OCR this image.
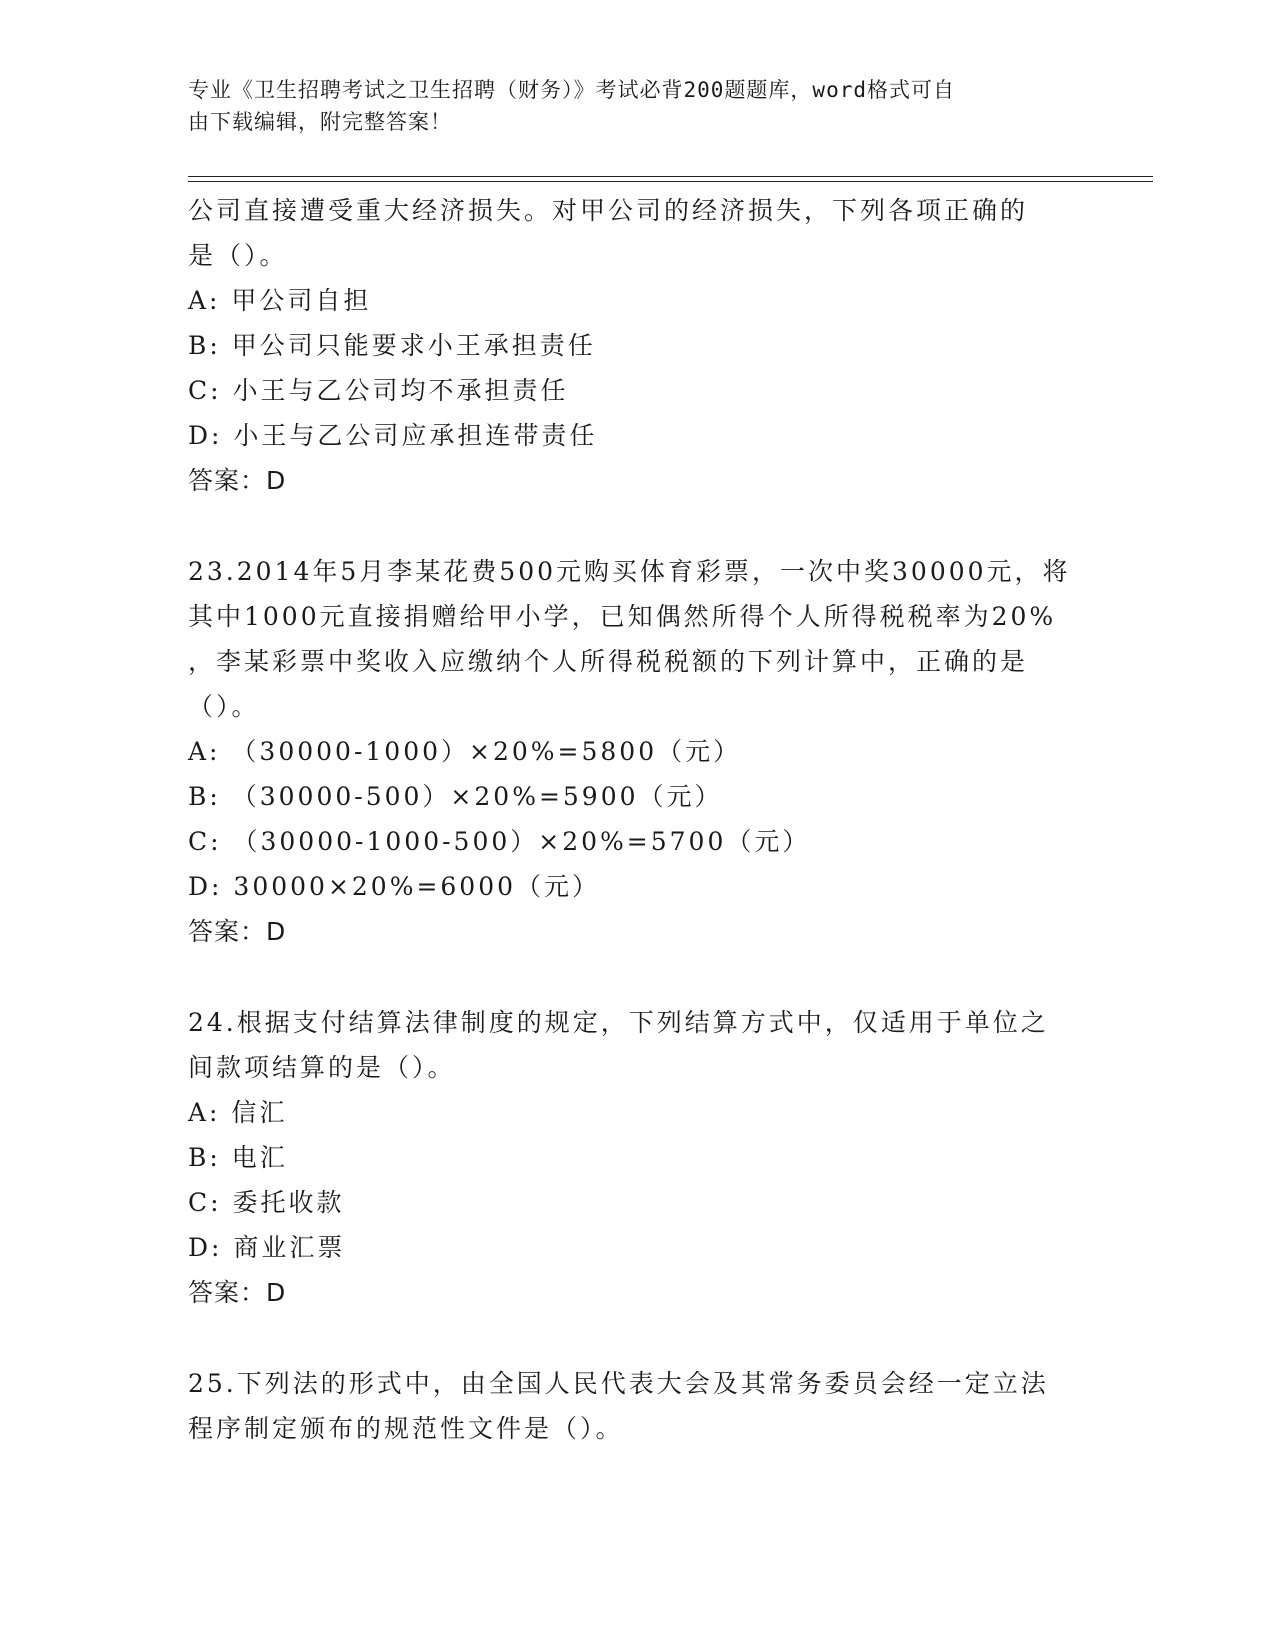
专业《卫生招聘考试之卫生招聘（财务）》考试必背200题题库，word格式可自
由下载编辑，附完整答案！

公司直接遭受重大经济损失。对甲公司的经济损失，下列各项正确的

是（）。

A: 甲公司自担

B: 甲公司只能要求小王承担责任

C: 小王与乙公司均不承担责任

D: 小王与乙公司应承担连带责任

答案：D

23.2014年5月李某花费500元购买体育彩票，一次中奖30000元，将

其中1000元直接捐赠给甲小学，已知偶然所得个人所得税税率为20%

，李某彩票中奖收入应缴纳个人所得税税额的下列计算中，正确的是

（）。

A: （30000-1000）×20%=5800（元）

B: （30000-500）×20%=5900（元）

C: （30000-1000-500）×20%=5700（元）

D: 30000×20%=6000（元）

答案：D

24.根据支付结算法律制度的规定，下列结算方式中，仅适用于单位之

间款项结算的是（）。

A: 信汇

B: 电汇

C: 委托收款

D: 商业汇票

答案：D

25.下列法的形式中，由全国人民代表大会及其常务委员会经一定立法

程序制定颁布的规范性文件是（）。
